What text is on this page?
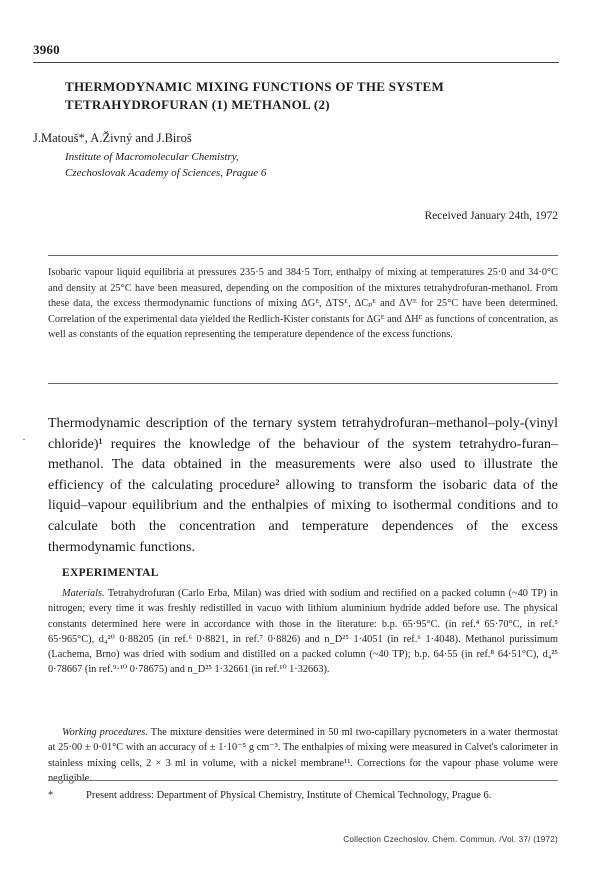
3960
THERMODYNAMIC MIXING FUNCTIONS OF THE SYSTEM TETRAHYDROFURAN (1) METHANOL (2)
J.Matouš*, A.Živný and J.Biroš
Institute of Macromolecular Chemistry,
Czechoslovak Academy of Sciences, Prague 6
Received January 24th, 1972
Isobaric vapour liquid equilibria at pressures 235·5 and 384·5 Torr, enthalpy of mixing at temperatures 25·0 and 34·0°C and density at 25°C have been measured, depending on the composition of the mixtures tetrahydrofuran-methanol. From these data, the excess thermodynamic functions of mixing ΔGᴱ, ΔTSᴱ, ΔCₚᴱ and ΔVᴱ for 25°C have been determined. Correlation of the experimental data yielded the Redlich-Kister constants for ΔGᴱ and ΔHᴱ as functions of concentration, as well as constants of the equation representing the temperature dependence of the excess functions.
·
Thermodynamic description of the ternary system tetrahydrofuran–methanol–poly-(vinyl chloride)¹ requires the knowledge of the behaviour of the system tetrahydro-furan–methanol. The data obtained in the measurements were also used to illustrate the efficiency of the calculating procedure² allowing to transform the isobaric data of the liquid–vapour equilibrium and the enthalpies of mixing to isothermal conditions and to calculate both the concentration and temperature dependences of the excess thermodynamic functions.
EXPERIMENTAL
Materials. Tetrahydrofuran (Carlo Erba, Milan) was dried with sodium and rectified on a packed column (~40 TP) in nitrogen; every time it was freshly redistilled in vacuo with lithium aluminium hydride added before use. The physical constants determined here were in accordance with those in the literature: b.p. 65·95°C. (in ref.⁴ 65·70°C, in ref.⁵ 65·965°C), d₄²⁰ 0·88205 (in ref.⁶ 0·8821, in ref.⁷ 0·8826) and n_D²⁵ 1·4051 (in ref.⁶ 1·4048). Methanol purissimum (Lachema, Brno) was dried with sodium and distilled on a packed column (~40 TP); b.p. 64·55 (in ref.⁸ 64·51°C), d₄²⁵ 0·78667 (in ref.⁹·¹⁰ 0·78675) and n_D²⁵ 1·32661 (in ref.¹⁰ 1·32663).
Working procedures. The mixture densities were determined in 50 ml two-capillary pycnometers in a water thermostat at 25·00 ± 0·01°C with an accuracy of ± 1·10⁻⁵ g cm⁻³. The enthalpies of mixing were measured in Calvet's calorimeter in stainless mixing cells, 2 × 3 ml in volume, with a nickel membrane¹¹. Corrections for the vapour phase volume were negligible.
*	Present address: Department of Physical Chemistry, Institute of Chemical Technology, Prague 6.
Collection Czechoslov. Chem. Commun. /Vol. 37/ (1972)
